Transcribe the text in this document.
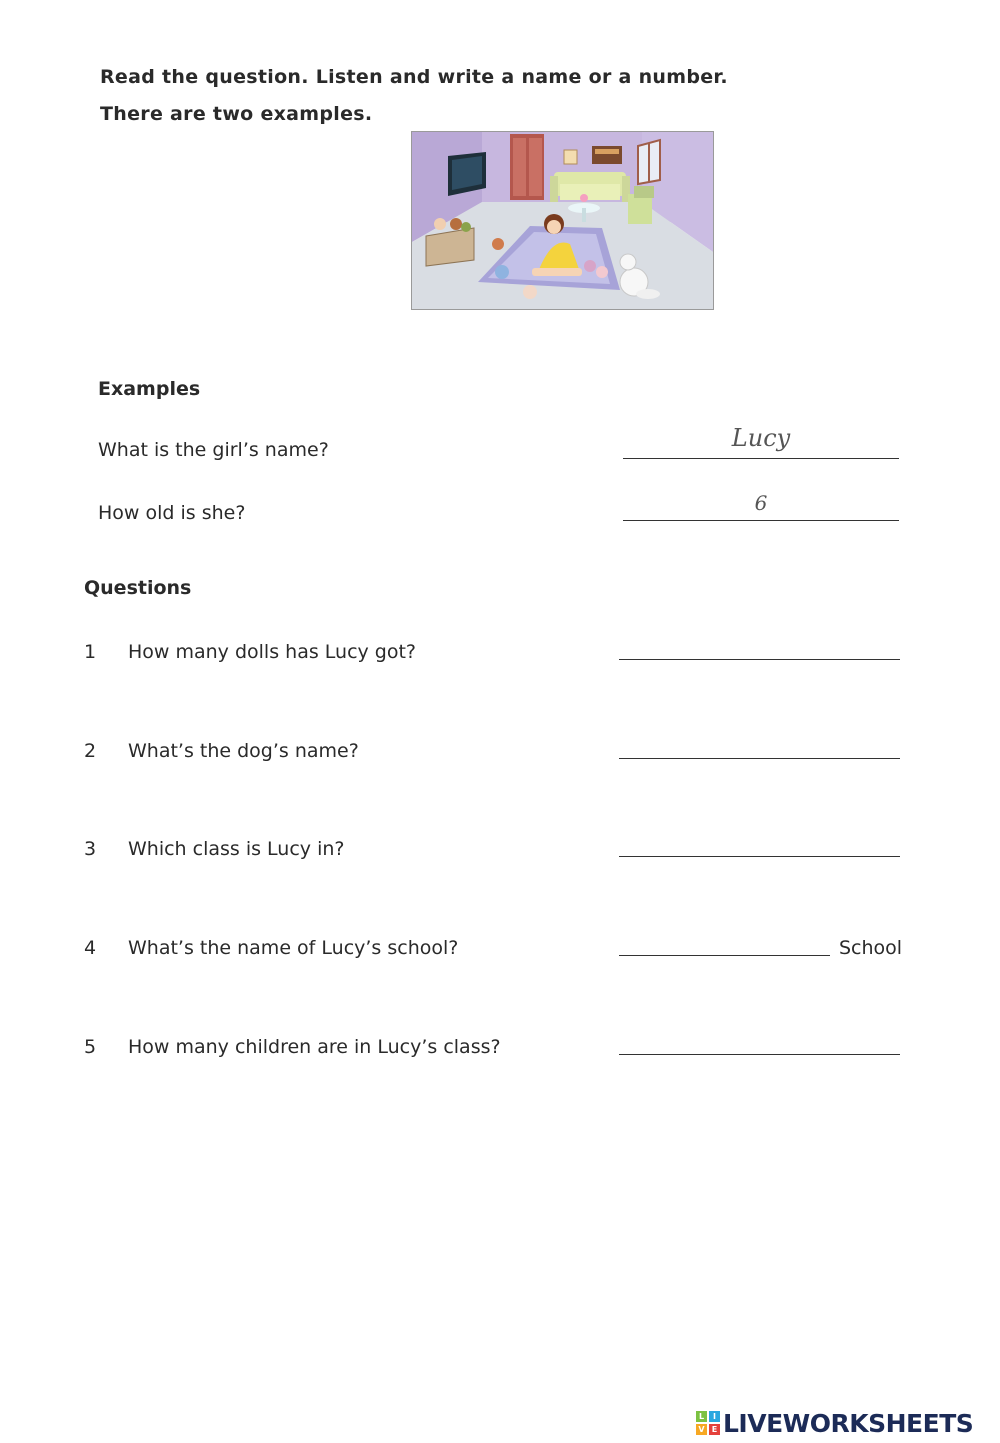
Read the question. Listen and write a name or a number.
There are two examples.
Examples
What is the girl’s name?	Lucy
How old is she?	6
Questions
1 How many dolls has Lucy got?
2 What’s the dog’s name?
3 Which class is Lucy in?
4 What’s the name of Lucy’s school?	School
5 How many children are in Lucy’s class?
L	I
V E LIVEWORKSHEETS
